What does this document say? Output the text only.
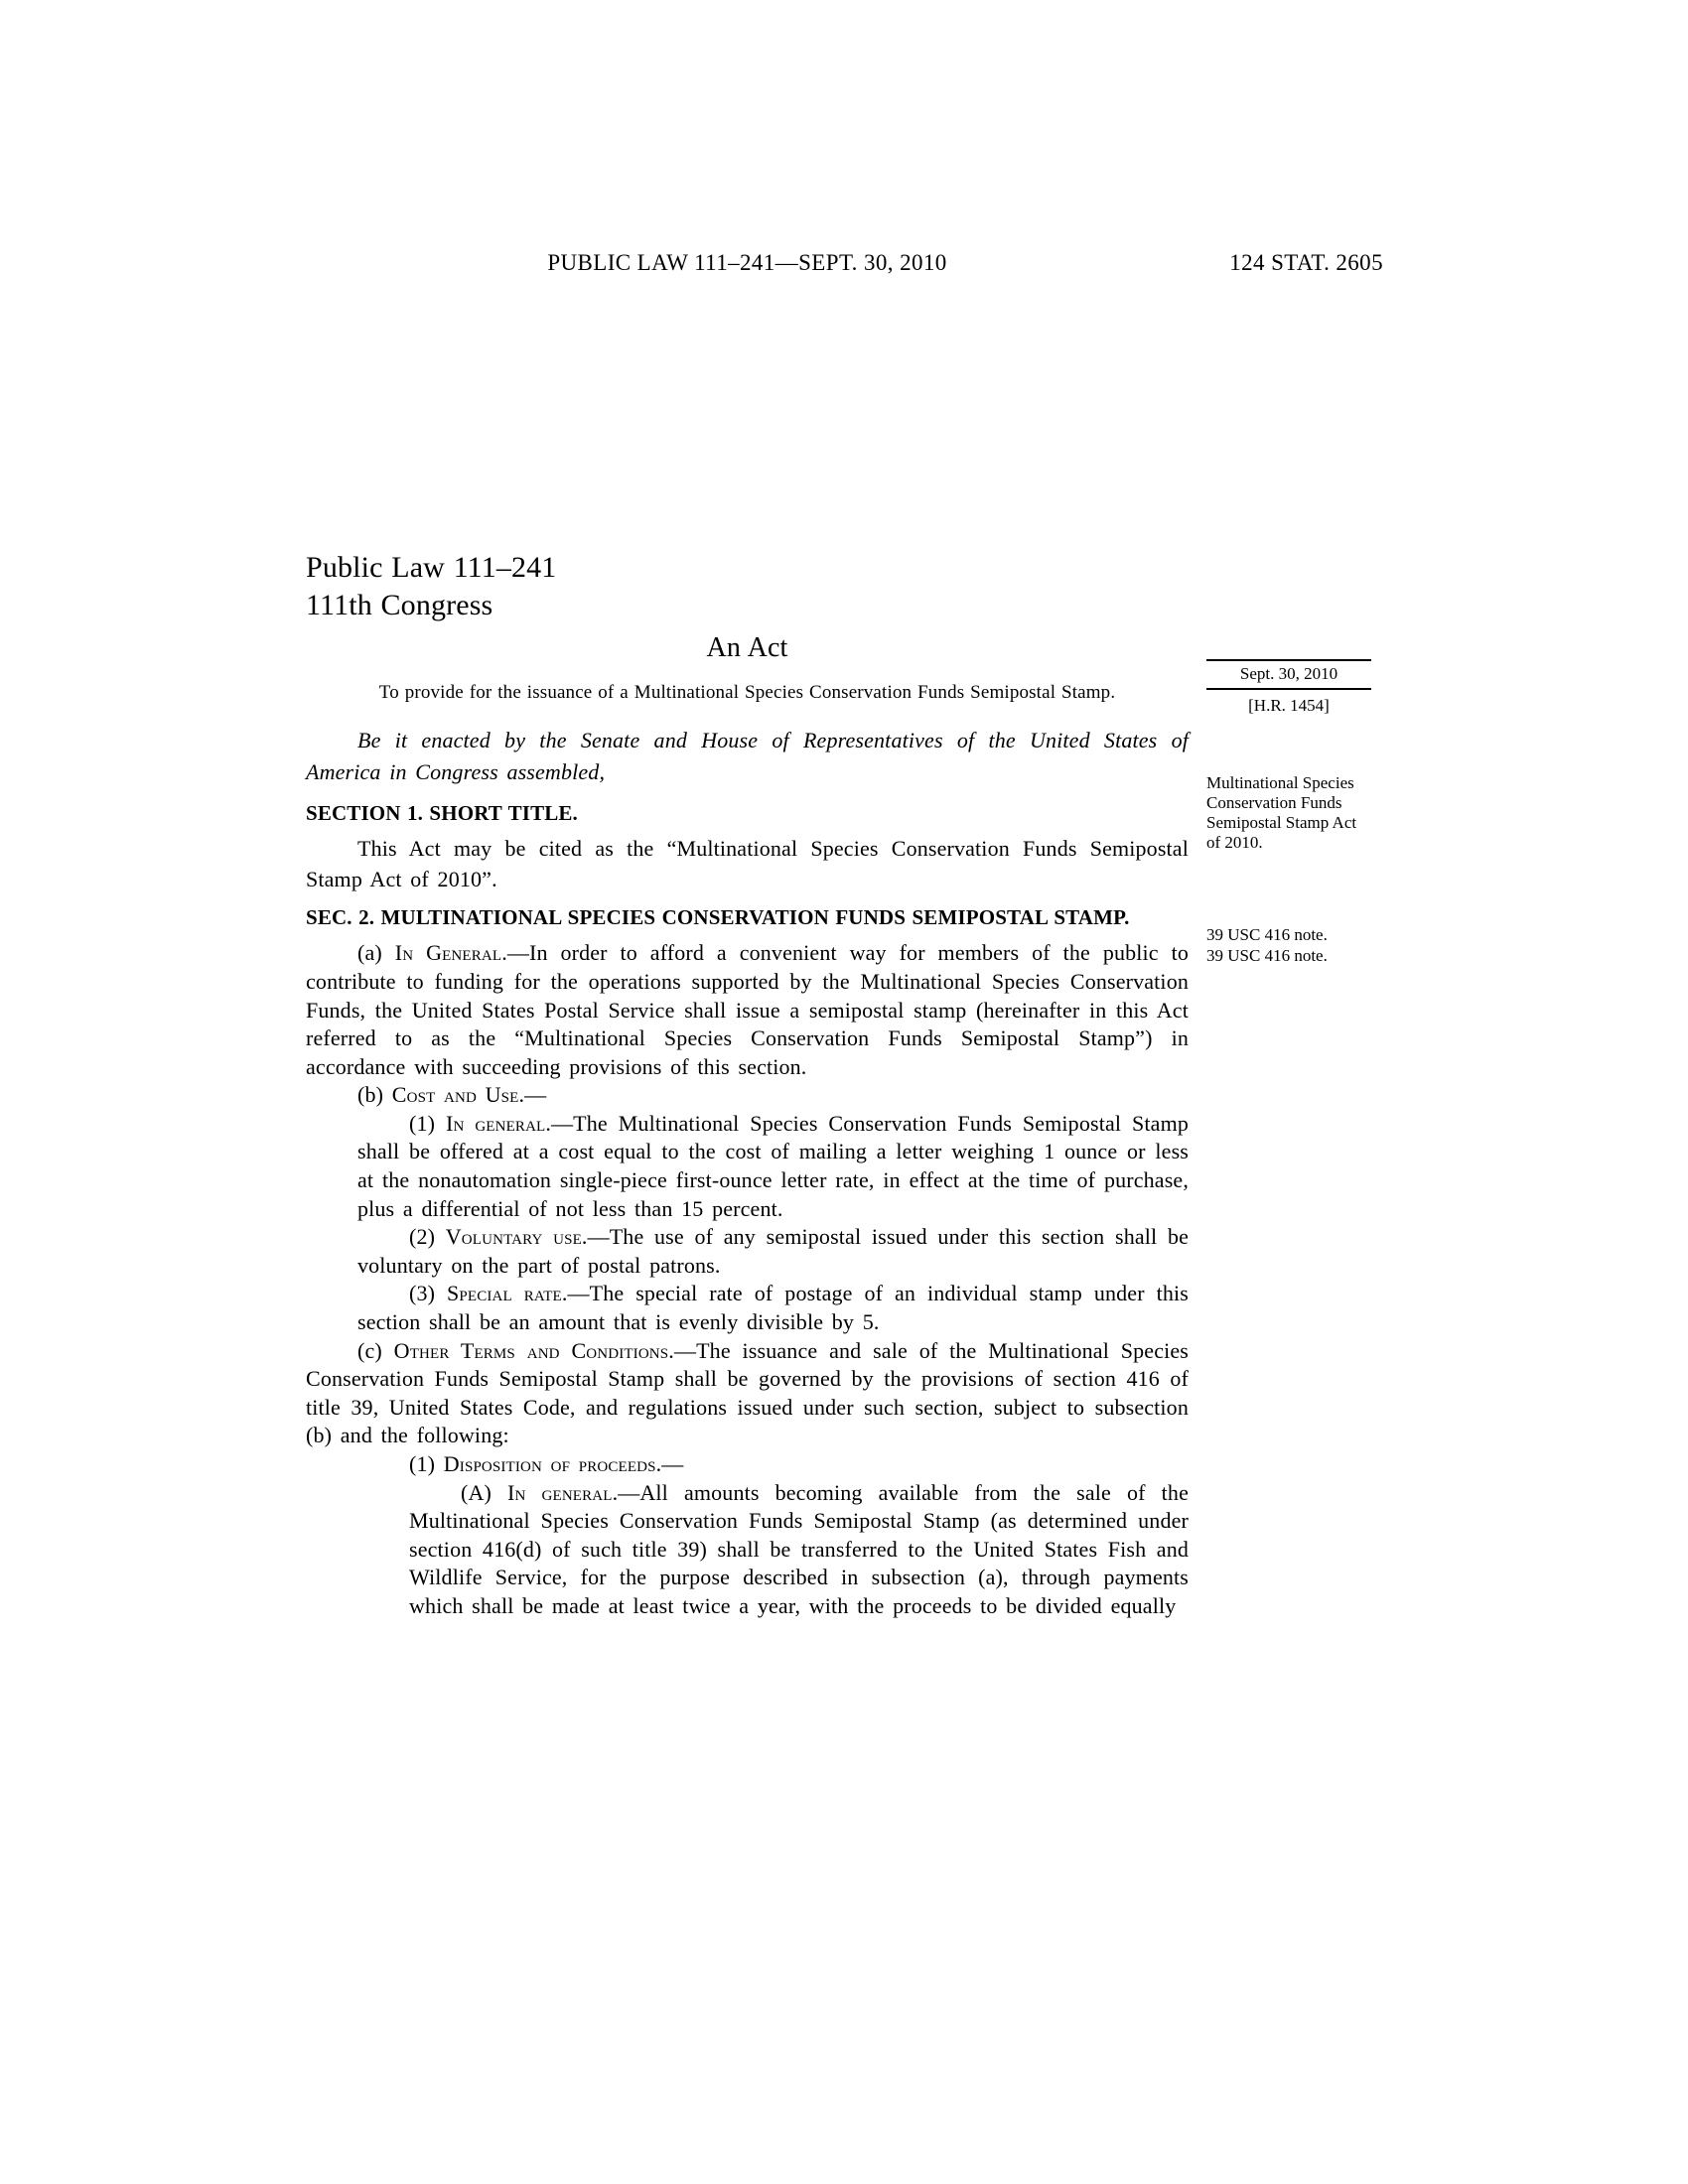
PUBLIC LAW 111–241—SEPT. 30, 2010	124 STAT. 2605
Public Law 111–241
111th Congress
An Act
To provide for the issuance of a Multinational Species Conservation Funds Semipostal Stamp.

Be it enacted by the Senate and House of Representatives of the United States of America in Congress assembled,

SECTION 1. SHORT TITLE.

This Act may be cited as the “Multinational Species Conservation Funds Semipostal Stamp Act of 2010”.

SEC. 2. MULTINATIONAL SPECIES CONSERVATION FUNDS SEMIPOSTAL STAMP.

(a) In General.—In order to afford a convenient way for members of the public to contribute to funding for the operations supported by the Multinational Species Conservation Funds, the United States Postal Service shall issue a semipostal stamp (hereinafter in this Act referred to as the “Multinational Species Conservation Funds Semipostal Stamp”) in accordance with succeeding provisions of this section.

(b) Cost and Use.—

(1) In general.—The Multinational Species Conservation Funds Semipostal Stamp shall be offered at a cost equal to the cost of mailing a letter weighing 1 ounce or less at the nonautomation single-piece first-ounce letter rate, in effect at the time of purchase, plus a differential of not less than 15 percent.

(2) Voluntary use.—The use of any semipostal issued under this section shall be voluntary on the part of postal patrons.

(3) Special rate.—The special rate of postage of an individual stamp under this section shall be an amount that is evenly divisible by 5.

(c) Other Terms and Conditions.—The issuance and sale of the Multinational Species Conservation Funds Semipostal Stamp shall be governed by the provisions of section 416 of title 39, United States Code, and regulations issued under such section, subject to subsection (b) and the following:

(1) Disposition of proceeds.—

(A) In general.—All amounts becoming available from the sale of the Multinational Species Conservation Funds Semipostal Stamp (as determined under section 416(d) of such title 39) shall be transferred to the United States Fish and Wildlife Service, for the purpose described in subsection (a), through payments which shall be made at least twice a year, with the proceeds to be divided equally

Sept. 30, 2010
[H.R. 1454]
Multinational Species Conservation Funds Semipostal Stamp Act of 2010.
39 USC 416 note.
39 USC 416 note.
